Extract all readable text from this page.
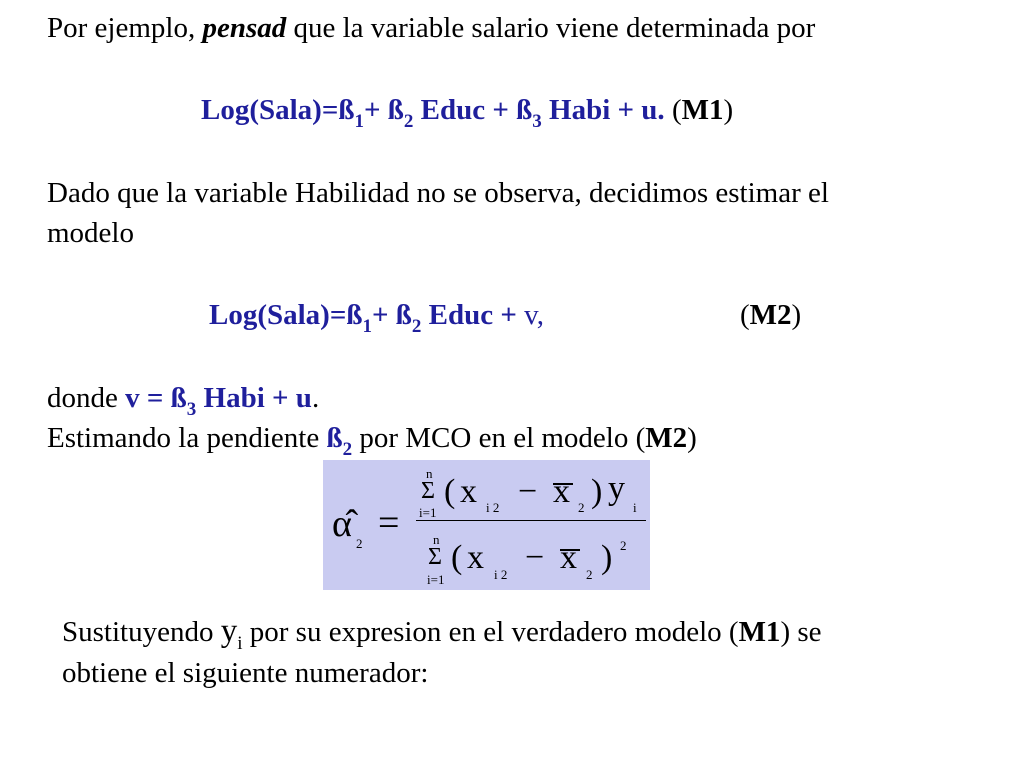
Por ejemplo, pensad que la variable salario viene determinada por
$Log(Sala)=ß_1+$ $ß_2$ Educ + $ß_3$ Habi + u. (M1)
Dado que la variable Habilidad no se observa, decidimos estimar el
modelo
$Log(Sala)=ß_1+$ $ß_2$ Educ + v,	(M2)
donde $v = ß_3$ Habi + u.
Estimando la pendiente $ß_2$ por MCO en el modelo (M2)
α̂ 2 =
n
Σ
i=1
( x i 2 − x 2 ) y
i
n
Σ
i=1
( x i 2 − x 2 ) 2
Sustituyendo $y_i$ por su expresion en el verdadero modelo (M1) se
obtiene el siguiente numerador:
